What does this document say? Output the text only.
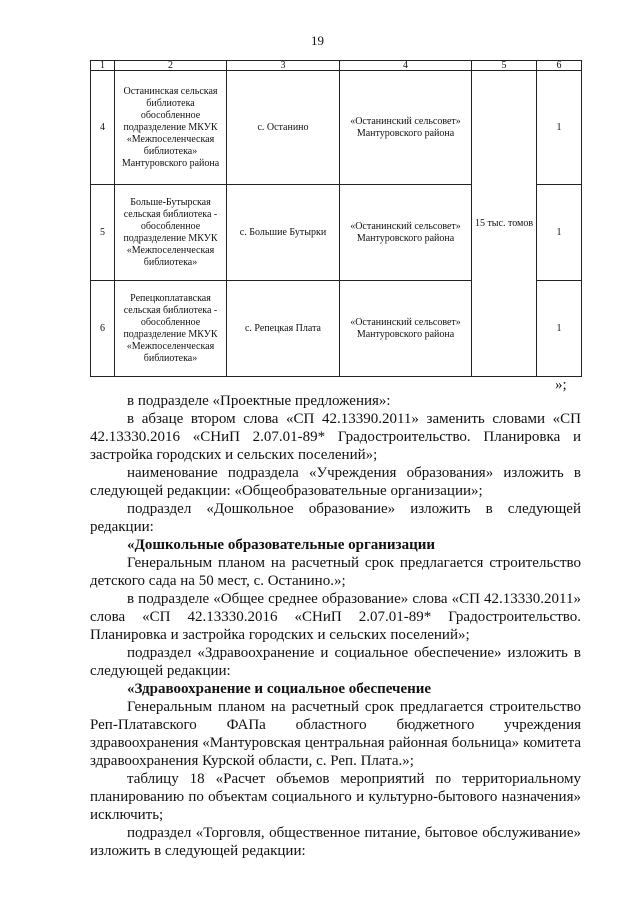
19
1	2	3	4	5	6
4	Останинская сельская библиотека обособленное подразделение МКУК «Межпоселенческая библиотека» Мантуровского района	с. Останино	«Останинский сельсовет» Мантуровского района	15 тыс. томов	1
5	Больше-Бутырская сельская библиотека - обособленное подразделение МКУК «Межпоселенческая библиотека»	с. Большие Бутырки	«Останинский сельсовет» Мантуровского района		1
6	Репецкоплатавская сельская библиотека - обособленное подразделение МКУК «Межпоселенческая библиотека»	с. Репецкая Плата	«Останинский сельсовет» Мантуровского района		1
»;

в подразделе «Проектные предложения»:

в абзаце втором слова «СП 42.13390.2011» заменить словами «СП 42.13330.2016 «СНиП 2.07.01-89* Градостроительство. Планировка и застройка городских и сельских поселений»;

наименование подраздела «Учреждения образования» изложить в следующей редакции: «Общеобразовательные организации»;

подраздел «Дошкольное образование» изложить в следующей редакции:

«Дошкольные образовательные организации

Генеральным планом на расчетный срок предлагается строительство детского сада на 50 мест, с. Останино.»;

в подразделе «Общее среднее образование» слова «СП 42.13330.2011» слова «СП 42.13330.2016 «СНиП 2.07.01-89* Градостроительство. Планировка и застройка городских и сельских поселений»;

подраздел «Здравоохранение и социальное обеспечение» изложить в следующей редакции:

«Здравоохранение и социальное обеспечение

Генеральным планом на расчетный срок предлагается строительство Реп-Платавского ФАПа областного бюджетного учреждения здравоохранения «Мантуровская центральная районная больница» комитета здравоохранения Курской области, с. Реп. Плата.»;

таблицу 18 «Расчет объемов мероприятий по территориальному планированию по объектам социального и культурно-бытового назначения» исключить;

подраздел «Торговля, общественное питание, бытовое обслуживание» изложить в следующей редакции:
